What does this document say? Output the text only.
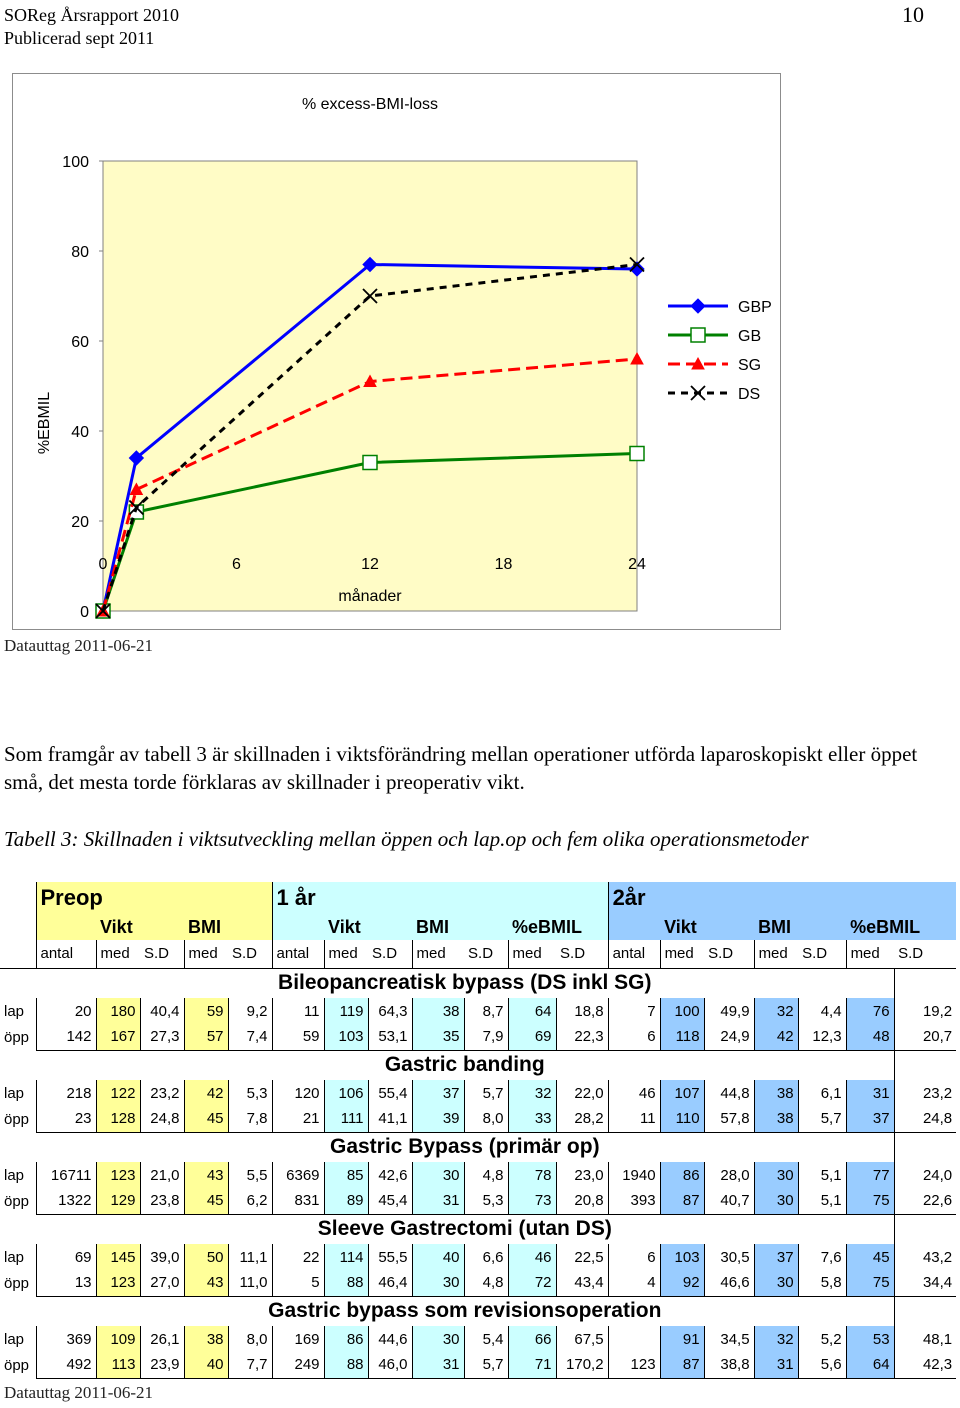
SOReg Årsrapport 2010
Publicerad sept 2011
10
% excess-BMI-loss
månader
%EBMIL
0
20
40
60
80
100
0	6	12	18	24
GBP
GB
SG
DS
Datauttag 2011-06-21
Som framgår av tabell 3 är skillnaden i viktsförändring mellan operationer utförda laparoskopiskt eller öppet små, det mesta torde förklaras av skillnader i preoperativ vikt.
Tabell 3: Skillnaden i viktsutveckling mellan öppen och lap.op och fem olika operationsmetoder
	Preop					1 år							2år						
		Vikt		BMI			Vikt		BMI		%eBMIL			Vikt		BMI		%eBMIL	
	antal	med	S.D	med	S.D	antal	med	S.D	med	S.D	med	S.D	antal	med	S.D	med	S.D	med	S.D
	Bileopancreatisk bypass (DS inkl SG)																		
lap	20	180	40,4	59	9,2	11	119	64,3	38	8,7	64	18,8	7	100	49,9	32	4,4	76	19,2
öpp	142	167	27,3	57	7,4	59	103	53,1	35	7,9	69	22,3	6	118	24,9	42	12,3	48	20,7
	Gastric banding																		
lap	218	122	23,2	42	5,3	120	106	55,4	37	5,7	32	22,0	46	107	44,8	38	6,1	31	23,2
öpp	23	128	24,8	45	7,8	21	111	41,1	39	8,0	33	28,2	11	110	57,8	38	5,7	37	24,8
	Gastric Bypass (primär op)																		
lap	16711	123	21,0	43	5,5	6369	85	42,6	30	4,8	78	23,0	1940	86	28,0	30	5,1	77	24,0
öpp	1322	129	23,8	45	6,2	831	89	45,4	31	5,3	73	20,8	393	87	40,7	30	5,1	75	22,6
	Sleeve Gastrectomi (utan DS)																		
lap	69	145	39,0	50	11,1	22	114	55,5	40	6,6	46	22,5	6	103	30,5	37	7,6	45	43,2
öpp	13	123	27,0	43	11,0	5	88	46,4	30	4,8	72	43,4	4	92	46,6	30	5,8	75	34,4
	Gastric bypass som revisionsoperation																		
lap	369	109	26,1	38	8,0	169	86	44,6	30	5,4	66	67,5		91	34,5	32	5,2	53	48,1
öpp	492	113	23,9	40	7,7	249	88	46,0	31	5,7	71	170,2	123	87	38,8	31	5,6	64	42,3
Datauttag 2011-06-21
